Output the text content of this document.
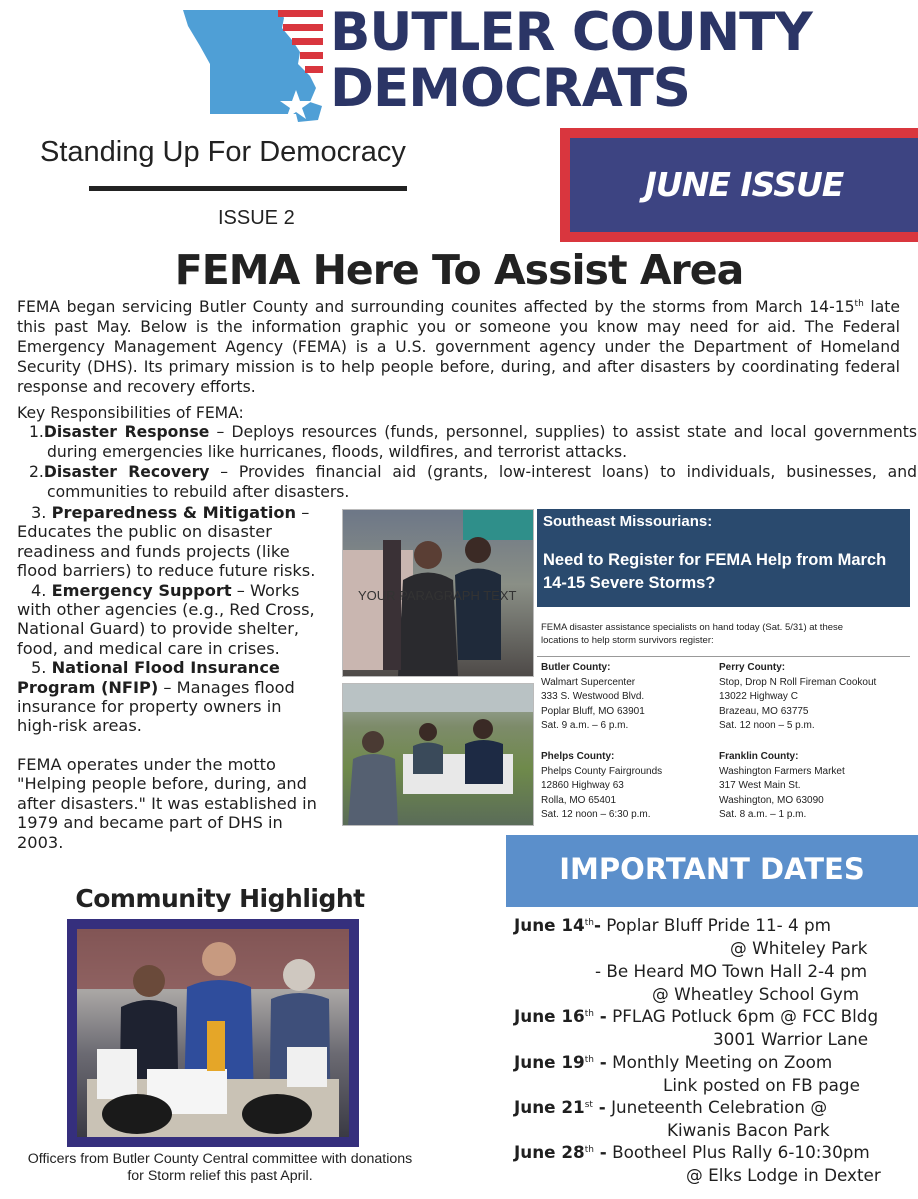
BUTLER COUNTY
DEMOCRATS
Standing Up For Democracy
ISSUE 2
JUNE ISSUE
FEMA Here To Assist Area
FEMA began servicing Butler County and surrounding counites affected by the storms from March 14-15th late this past May. Below is the information graphic you or someone you know may need for aid. The Federal Emergency Management Agency (FEMA) is a U.S. government agency under the Department of Homeland Security (DHS). Its primary mission is to help people before, during, and after disasters by coordinating federal response and recovery efforts.
Key Responsibilities of FEMA:
1.Disaster Response – Deploys resources (funds, personnel, supplies) to assist state and local governments during emergencies like hurricanes, floods, wildfires, and terrorist attacks.
2.Disaster Recovery – Provides financial aid (grants, low-interest loans) to individuals, businesses, and communities to rebuild after disasters.

3. Preparedness & Mitigation – Educates the public on disaster readiness and funds projects (like flood barriers) to reduce future risks.

4. Emergency Support – Works with other agencies (e.g., Red Cross, National Guard) to provide shelter, food, and medical care in crises.

5. National Flood Insurance Program (NFIP) – Manages flood insurance for property owners in high-risk areas.

FEMA operates under the motto "Helping people before, during, and after disasters." It was established in 1979 and became part of DHS in 2003.

YOUR PARAGRAPH TEXT
Southeast Missourians:
Need to Register for FEMA Help from March 14-15 Severe Storms?
FEMA disaster assistance specialists on hand today (Sat. 5/31) at these locations to help storm survivors register:
Butler County:
Walmart Supercenter
333 S. Westwood Blvd.
Poplar Bluff, MO 63901
Sat. 9 a.m. – 6 p.m.
Perry County:
Stop, Drop N Roll Fireman Cookout
13022 Highway C
Brazeau, MO 63775
Sat. 12 noon – 5 p.m.
Phelps County:
Phelps County Fairgrounds
12860 Highway 63
Rolla, MO 65401
Sat. 12 noon – 6:30 p.m.
Franklin County:
Washington Farmers Market
317 West Main St.
Washington, MO 63090
Sat. 8 a.m. – 1 p.m.
IMPORTANT DATES
June 14th- Poplar Bluff Pride 11- 4 pm
@ Whiteley Park
- Be Heard MO Town Hall 2-4 pm
@ Wheatley School Gym
June 16th - PFLAG Potluck 6pm @ FCC Bldg
3001 Warrior Lane
June 19th - Monthly Meeting on Zoom
Link posted on FB page
June 21st - Juneteenth Celebration @
Kiwanis Bacon Park
June 28th - Bootheel Plus Rally 6-10:30pm
@ Elks Lodge in Dexter
Community Highlight
Officers from Butler County Central committee with donations for Storm relief this past April.
